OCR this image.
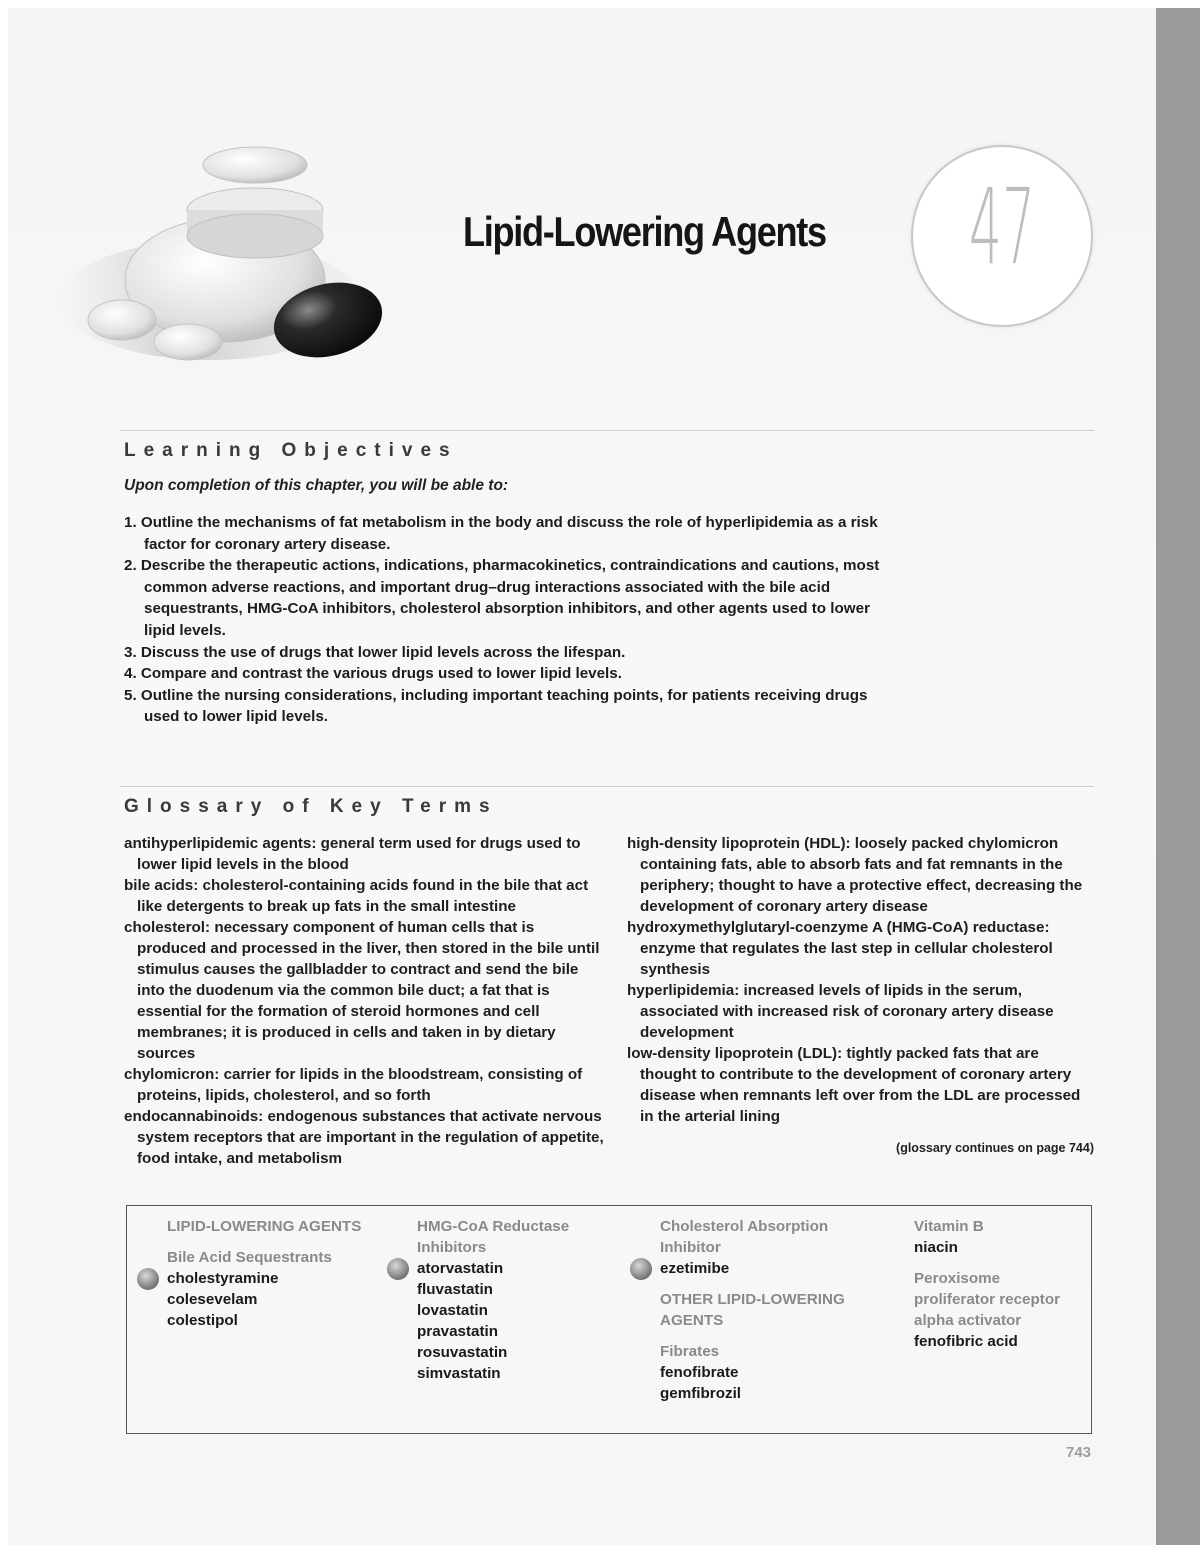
Lipid-Lowering Agents 47
Learning Objectives
Upon completion of this chapter, you will be able to:
1. Outline the mechanisms of fat metabolism in the body and discuss the role of hyperlipidemia as a risk factor for coronary artery disease.
2. Describe the therapeutic actions, indications, pharmacokinetics, contraindications and cautions, most common adverse reactions, and important drug–drug interactions associated with the bile acid sequestrants, HMG-CoA inhibitors, cholesterol absorption inhibitors, and other agents used to lower lipid levels.
3. Discuss the use of drugs that lower lipid levels across the lifespan.
4. Compare and contrast the various drugs used to lower lipid levels.
5. Outline the nursing considerations, including important teaching points, for patients receiving drugs used to lower lipid levels.
Glossary of Key Terms
antihyperlipidemic agents: general term used for drugs used to lower lipid levels in the blood
bile acids: cholesterol-containing acids found in the bile that act like detergents to break up fats in the small intestine
cholesterol: necessary component of human cells that is produced and processed in the liver, then stored in the bile until stimulus causes the gallbladder to contract and send the bile into the duodenum via the common bile duct; a fat that is essential for the formation of steroid hormones and cell membranes; it is produced in cells and taken in by dietary sources
chylomicron: carrier for lipids in the bloodstream, consisting of proteins, lipids, cholesterol, and so forth
endocannabinoids: endogenous substances that activate nervous system receptors that are important in the regulation of appetite, food intake, and metabolism
high-density lipoprotein (HDL): loosely packed chylomicron containing fats, able to absorb fats and fat remnants in the periphery; thought to have a protective effect, decreasing the development of coronary artery disease
hydroxymethylglutaryl-coenzyme A (HMG-CoA) reductase: enzyme that regulates the last step in cellular cholesterol synthesis
hyperlipidemia: increased levels of lipids in the serum, associated with increased risk of coronary artery disease development
low-density lipoprotein (LDL): tightly packed fats that are thought to contribute to the development of coronary artery disease when remnants left over from the LDL are processed in the arterial lining
(glossary continues on page 744)
LIPID-LOWERING AGENTS
Bile Acid Sequestrants
cholestyramine
colesevelam
colestipol
HMG-CoA Reductase Inhibitors
atorvastatin
fluvastatin
lovastatin
pravastatin
rosuvastatin
simvastatin
Cholesterol Absorption Inhibitor
ezetimibe
OTHER LIPID-LOWERING AGENTS
Fibrates
fenofibrate
gemfibrozil
Vitamin B
niacin
Peroxisome proliferator receptor alpha activator
fenofibric acid
743
